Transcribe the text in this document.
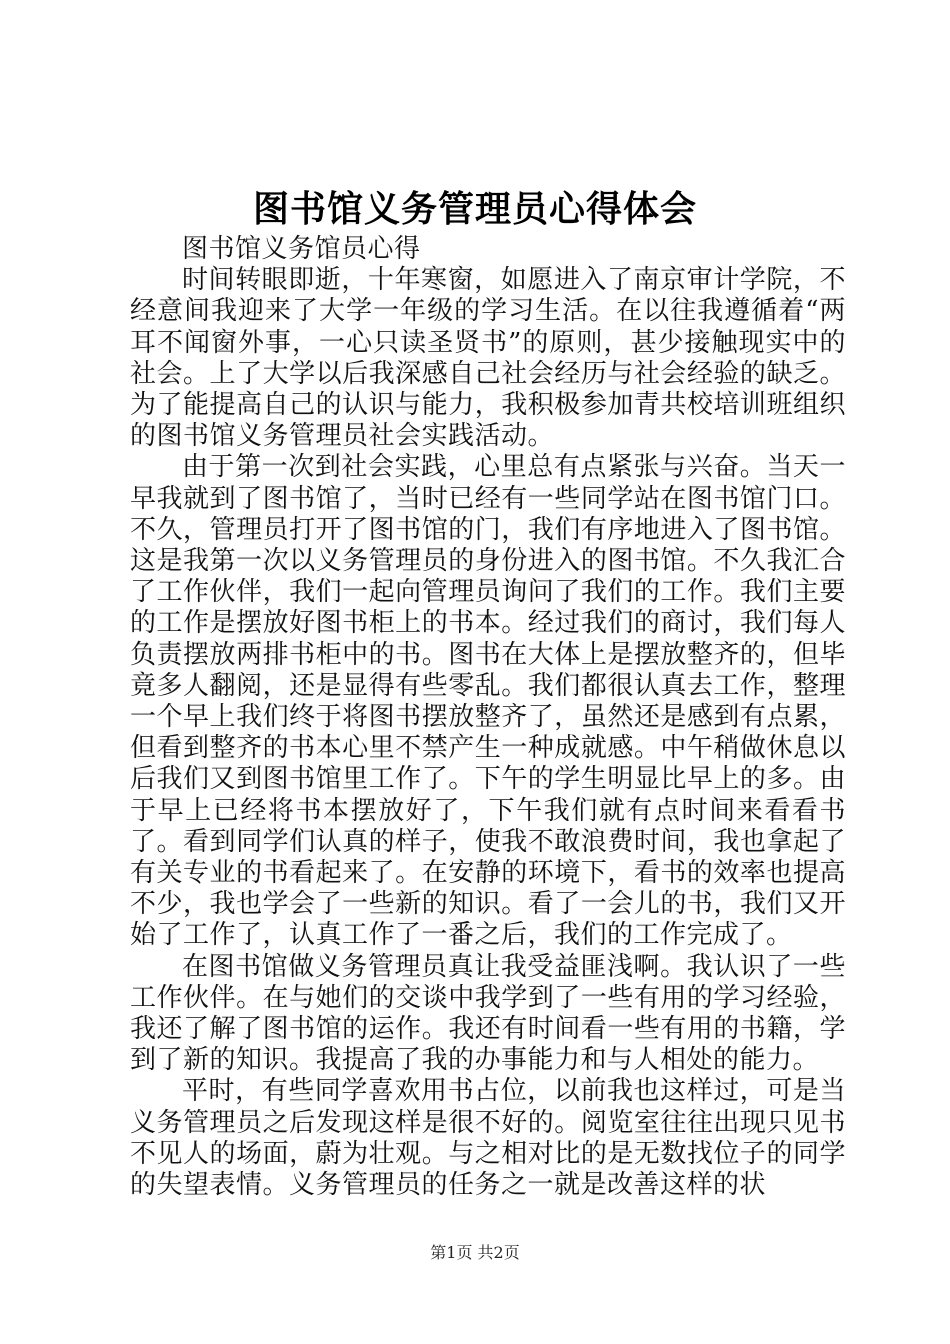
图书馆义务管理员心得体会

图书馆义务馆员心得

时间转眼即逝，十年寒窗，如愿进入了南京审计学院，不经意间我迎来了大学一年级的学习生活。在以往我遵循着“两耳不闻窗外事，一心只读圣贤书”的原则，甚少接触现实中的社会。上了大学以后我深感自己社会经历与社会经验的缺乏。为了能提高自己的认识与能力，我积极参加青共校培训班组织的图书馆义务管理员社会实践活动。

由于第一次到社会实践，心里总有点紧张与兴奋。当天一早我就到了图书馆了，当时已经有一些同学站在图书馆门口。不久，管理员打开了图书馆的门，我们有序地进入了图书馆。这是我第一次以义务管理员的身份进入的图书馆。不久我汇合了工作伙伴，我们一起向管理员询问了我们的工作。我们主要的工作是摆放好图书柜上的书本。经过我们的商讨，我们每人负责摆放两排书柜中的书。图书在大体上是摆放整齐的，但毕竟多人翻阅，还是显得有些零乱。我们都很认真去工作，整理一个早上我们终于将图书摆放整齐了，虽然还是感到有点累，但看到整齐的书本心里不禁产生一种成就感。中午稍做休息以后我们又到图书馆里工作了。下午的学生明显比早上的多。由于早上已经将书本摆放好了，下午我们就有点时间来看看书了。看到同学们认真的样子，使我不敢浪费时间，我也拿起了有关专业的书看起来了。在安静的环境下，看书的效率也提高不少，我也学会了一些新的知识。看了一会儿的书，我们又开始了工作了，认真工作了一番之后，我们的工作完成了。

在图书馆做义务管理员真让我受益匪浅啊。我认识了一些工作伙伴。在与她们的交谈中我学到了一些有用的学习经验，我还了解了图书馆的运作。我还有时间看一些有用的书籍，学到了新的知识。我提高了我的办事能力和与人相处的能力。

平时，有些同学喜欢用书占位，以前我也这样过，可是当义务管理员之后发现这样是很不好的。阅览室往往出现只见书不见人的场面，蔚为壮观。与之相对比的是无数找位子的同学的失望表情。义务管理员的任务之一就是改善这样的状

第1页 共2页
